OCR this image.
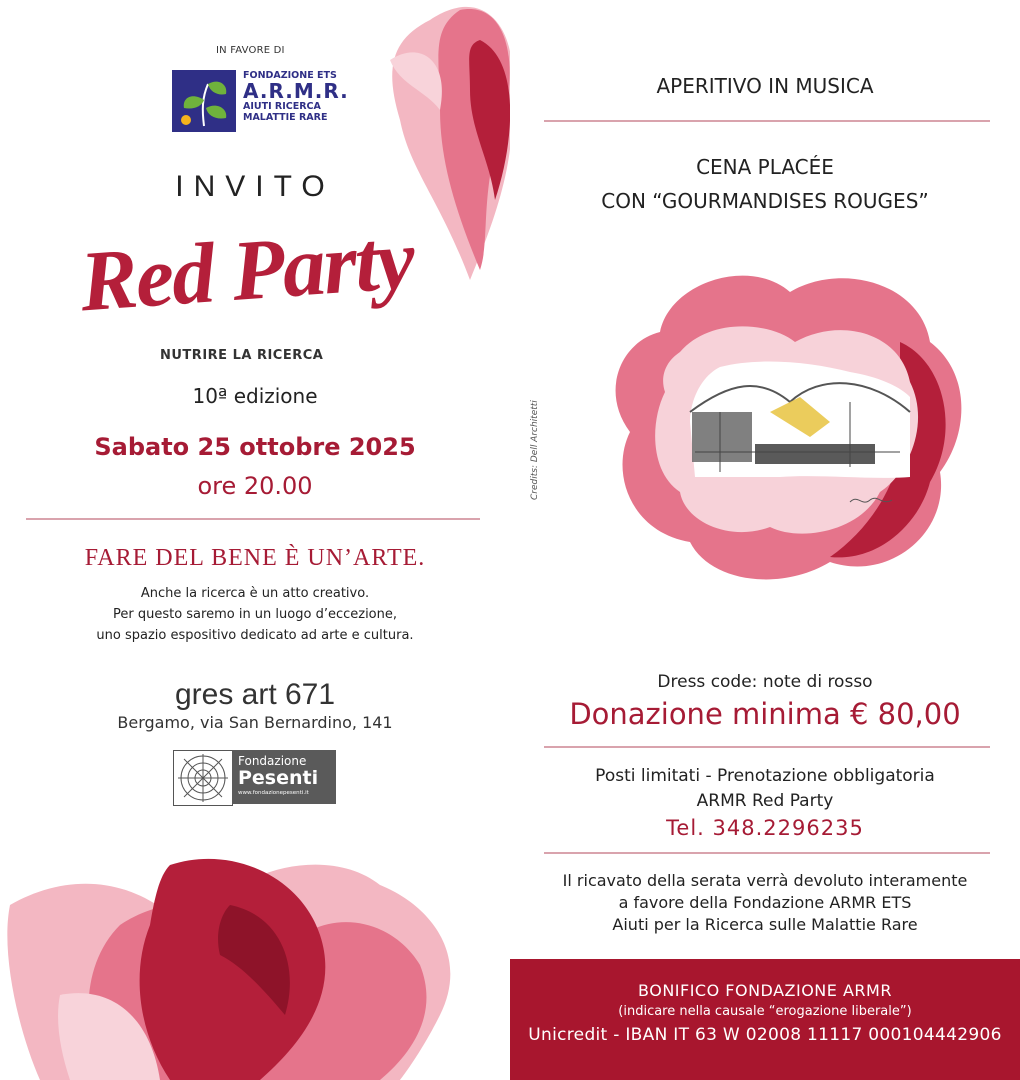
IN FAVORE DI
FONDAZIONE ETS
A.R.M.R.
AIUTI RICERCA
MALATTIE RARE
INVITO
Red Party
NUTRIRE LA RICERCA
10ª edizione
Sabato 25 ottobre 2025
ore 20.00
FARE DEL BENE È UN’ARTE.
Anche la ricerca è un atto creativo.
Per questo saremo in un luogo d’eccezione,
uno spazio espositivo dedicato ad arte e cultura.
gres art 671
Bergamo, via San Bernardino, 141
Fondazione
Pesenti
www.fondazionepesenti.it
APERITIVO IN MUSICA
CENA PLACÉE
CON “GOURMANDISES ROUGES”
Credits: Dell Architetti
Dress code: note di rosso
Donazione minima € 80,00
Posti limitati - Prenotazione obbligatoria
ARMR Red Party
Tel. 348.2296235
Il ricavato della serata verrà devoluto interamente
a favore della Fondazione ARMR ETS
Aiuti per la Ricerca sulle Malattie Rare
BONIFICO FONDAZIONE ARMR
(indicare nella causale “erogazione liberale”)
Unicredit - IBAN IT 63 W 02008 11117 000104442906
